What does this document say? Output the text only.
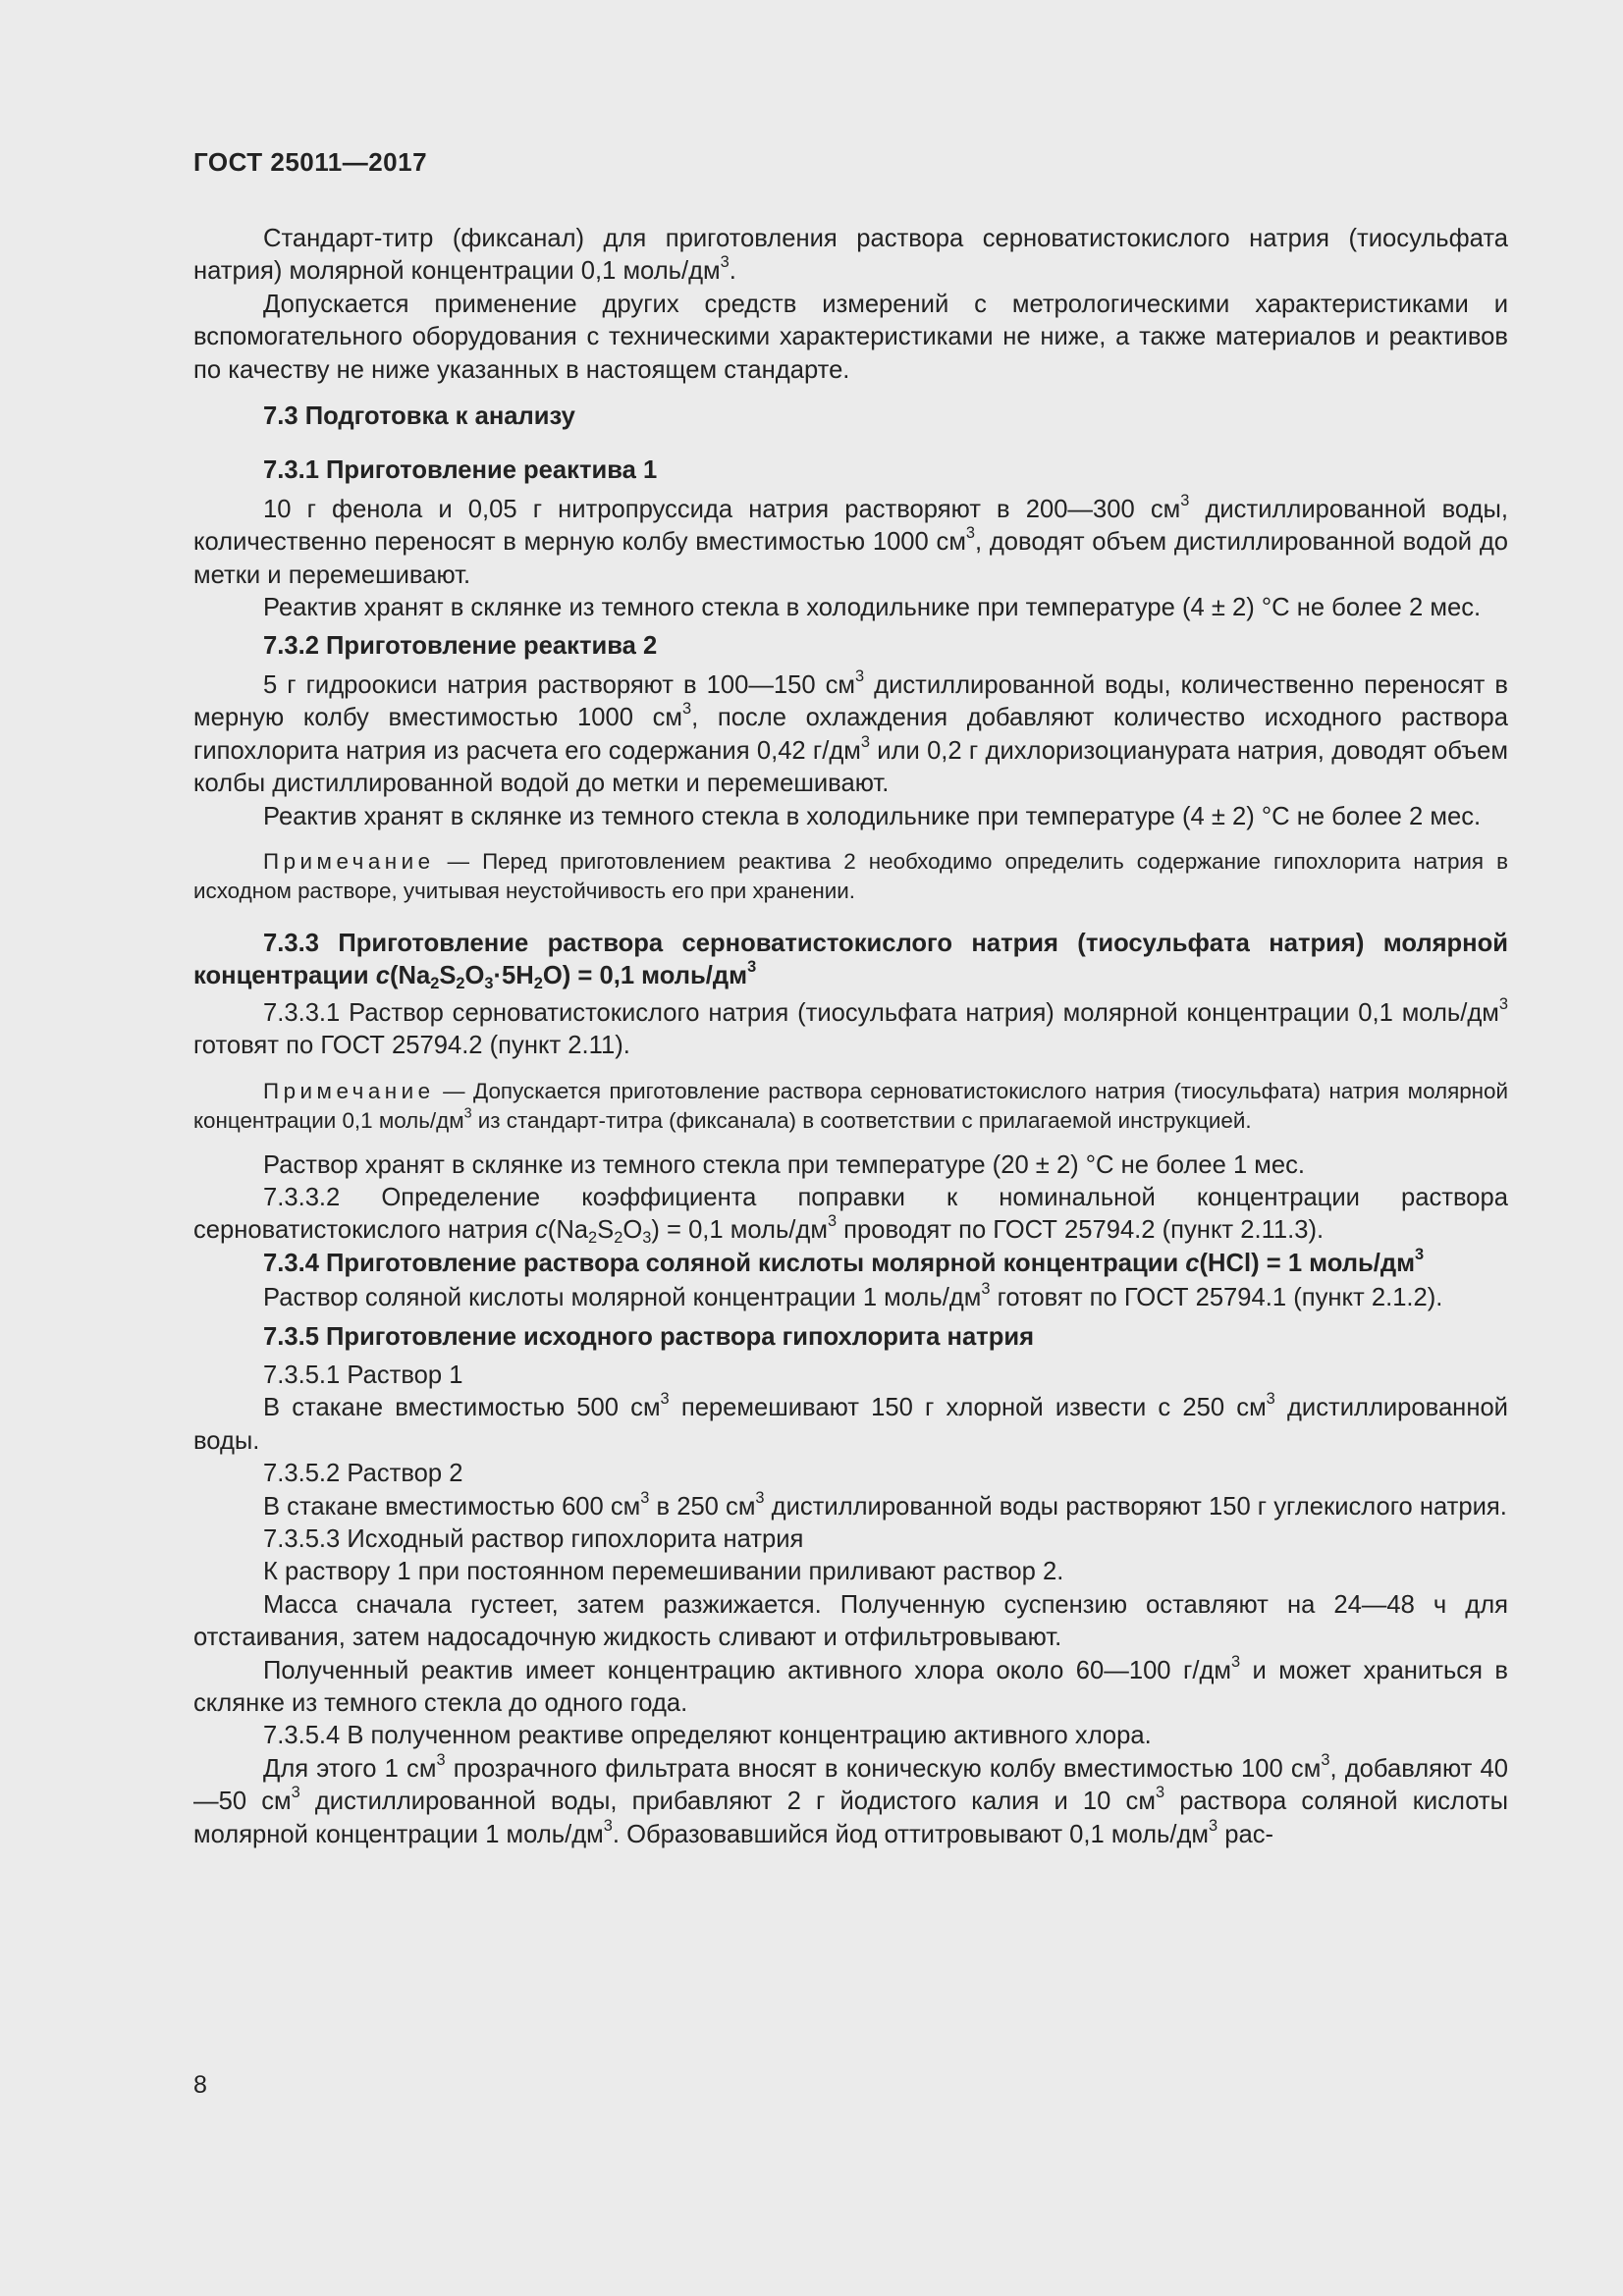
ГОСТ 25011—2017

Стандарт-титр (фиксанал) для приготовления раствора серноватистокислого натрия (тиосульфата натрия) молярной концентрации 0,1 моль/$дм^3$.

Допускается применение других средств измерений с метрологическими характеристиками и вспомогательного оборудования с техническими характеристиками не ниже, а также материалов и реактивов по качеству не ниже указанных в настоящем стандарте.

7.3 Подготовка к анализу
7.3.1 Приготовление реактива 1

10 г фенола и 0,05 г нитропруссида натрия растворяют в 200—300 $см^3$ дистиллированной воды, количественно переносят в мерную колбу вместимостью 1000 $см^3$, доводят объем дистиллированной водой до метки и перемешивают.

Реактив хранят в склянке из темного стекла в холодильнике при температуре (4 ± 2) °С не более 2 мес.

7.3.2 Приготовление реактива 2

5 г гидроокиси натрия растворяют в 100—150 $см^3$ дистиллированной воды, количественно переносят в мерную колбу вместимостью 1000 $см^3$, после охлаждения добавляют количество исходного раствора гипохлорита натрия из расчета его содержания 0,42 $г/дм^3$ или 0,2 г дихлоризоцианурата натрия, доводят объем колбы дистиллированной водой до метки и перемешивают.

Реактив хранят в склянке из темного стекла в холодильнике при температуре (4 ± 2) °С не более 2 мес.

Примечание — Перед приготовлением реактива 2 необходимо определить содержание гипохлорита натрия в исходном растворе, учитывая неустойчивость его при хранении.

7.3.3 Приготовление раствора серноватистокислого натрия (тиосульфата натрия) молярной концентрации $c(Na_2S_2O_3\cdot 5H_2O) = 0,1$ моль/$дм^3$

7.3.3.1 Раствор серноватистокислого натрия (тиосульфата натрия) молярной концентрации 0,1 моль/$дм^3$ готовят по ГОСТ 25794.2 (пункт 2.11).

Примечание — Допускается приготовление раствора серноватистокислого натрия (тиосульфата) натрия молярной концентрации 0,1 моль/$дм^3$ из стандарт-титра (фиксанала) в соответствии с прилагаемой инструкцией.

Раствор хранят в склянке из темного стекла при температуре (20 ± 2) °С не более 1 мес.

7.3.3.2 Определение коэффициента поправки к номинальной концентрации раствора серноватистокислого натрия $c(Na_2S_2O_3) = 0,1$ моль/$дм^3$ проводят по ГОСТ 25794.2 (пункт 2.11.3).

7.3.4 Приготовление раствора соляной кислоты молярной концентрации c(HCl) = 1 моль/$дм^3$

Раствор соляной кислоты молярной концентрации 1 моль/$дм^3$ готовят по ГОСТ 25794.1 (пункт 2.1.2).

7.3.5 Приготовление исходного раствора гипохлорита натрия

7.3.5.1 Раствор 1

В стакане вместимостью 500 $см^3$ перемешивают 150 г хлорной извести с 250 $см^3$ дистиллированной воды.

7.3.5.2 Раствор 2

В стакане вместимостью 600 $см^3$ в 250 $см^3$ дистиллированной воды растворяют 150 г углекислого натрия.

7.3.5.3 Исходный раствор гипохлорита натрия

К раствору 1 при постоянном перемешивании приливают раствор 2.

Масса сначала густеет, затем разжижается. Полученную суспензию оставляют на 24—48 ч для отстаивания, затем надосадочную жидкость сливают и отфильтровывают.

Полученный реактив имеет концентрацию активного хлора около 60—100 $г/дм^3$ и может храниться в склянке из темного стекла до одного года.

7.3.5.4 В полученном реактиве определяют концентрацию активного хлора.

Для этого 1 $см^3$ прозрачного фильтрата вносят в коническую колбу вместимостью 100 $см^3$, добавляют 40—50 $см^3$ дистиллированной воды, прибавляют 2 г йодистого калия и 10 $см^3$ раствора соляной кислоты молярной концентрации 1 моль/$дм^3$. Образовавшийся йод оттитровывают 0,1 моль/$дм^3$ рас-

8
